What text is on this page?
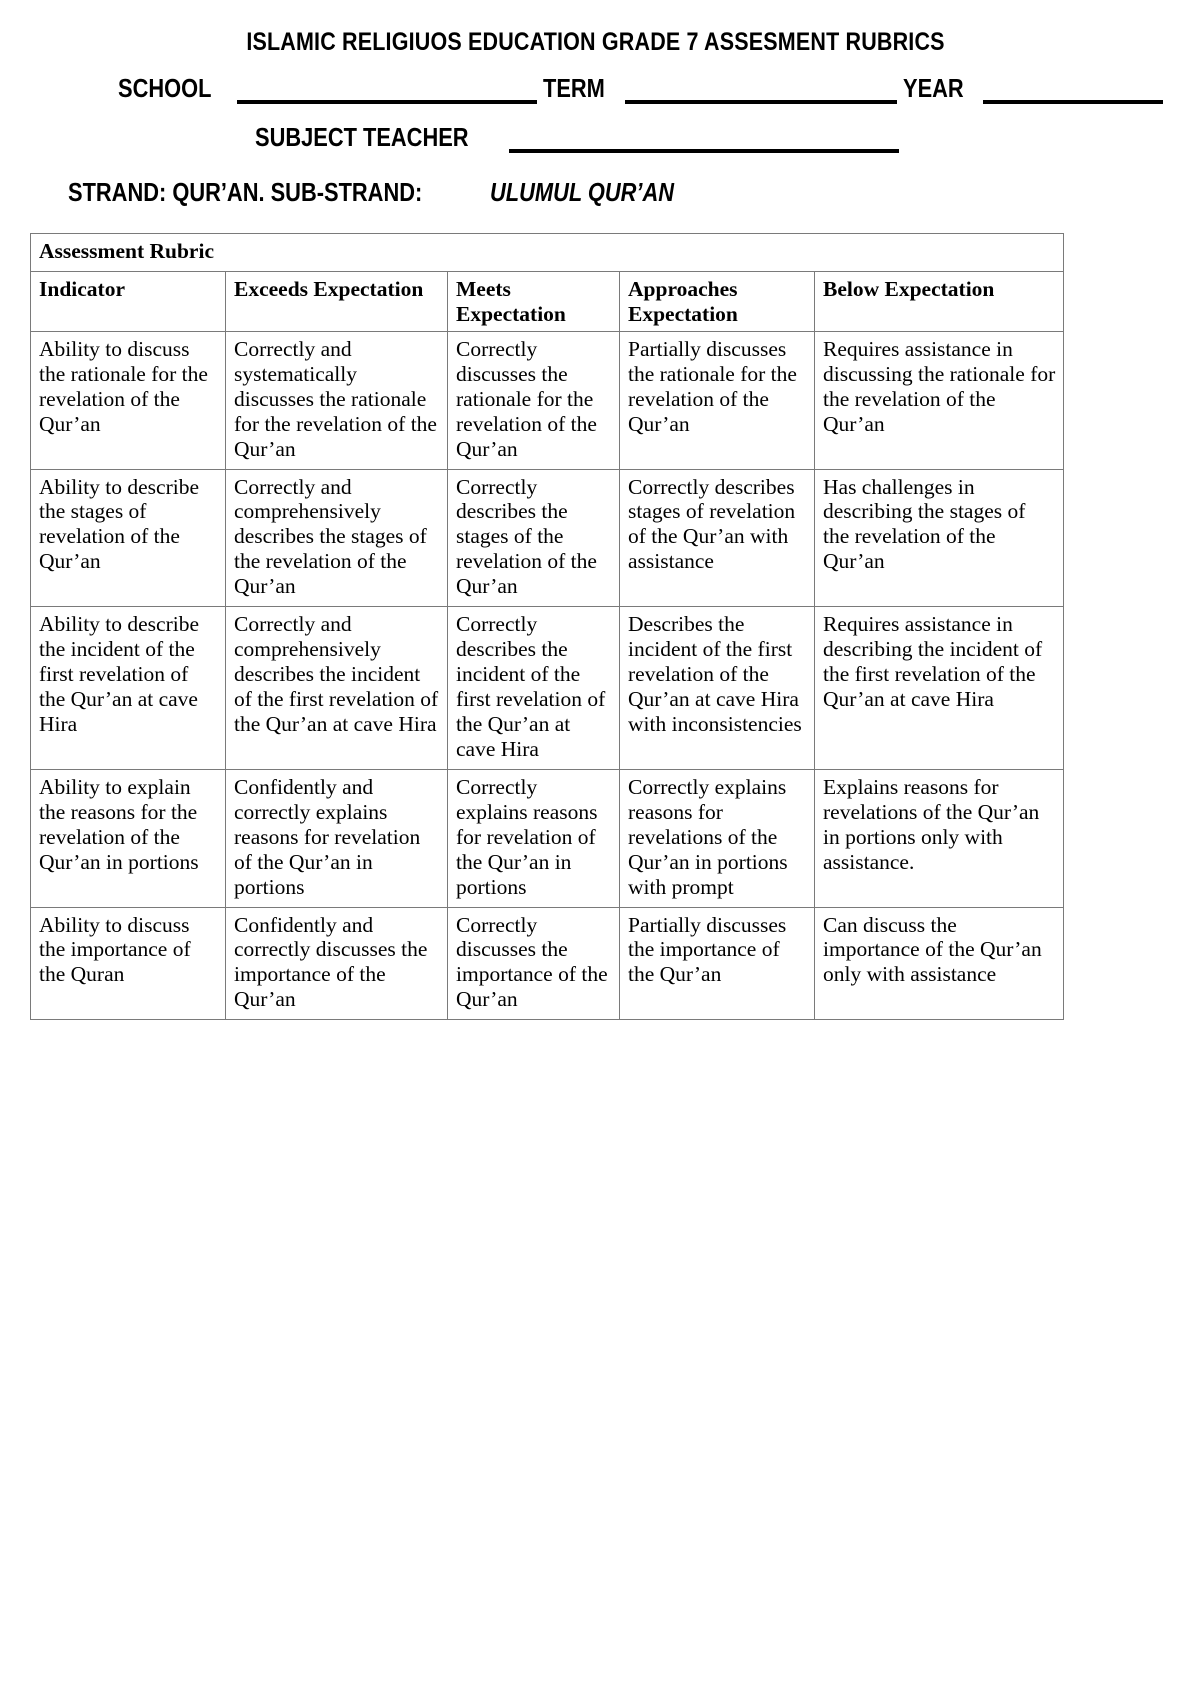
ISLAMIC RELIGIUOS EDUCATION GRADE 7 ASSESMENT RUBRICS
SCHOOL	TERM	YEAR
SUBJECT TEACHER
STRAND: QUR’AN. SUB-STRAND:	ULUMUL QUR’AN
Assessment Rubric				
Indicator	Exceeds Expectation	Meets Expectation	Approaches Expectation	Below Expectation
Ability to discuss the rationale for the revelation of the Qur’an	Correctly and systematically discusses the rationale for the revelation of the Qur’an	Correctly discusses the rationale for the revelation of the Qur’an	Partially discusses the rationale for the revelation of the Qur’an	Requires assistance in discussing the rationale for the revelation of the Qur’an
Ability to describe the stages of revelation of the Qur’an	Correctly and comprehensively describes the stages of the revelation of the Qur’an	Correctly describes the stages of the revelation of the Qur’an	Correctly describes stages of revelation of the Qur’an with assistance	Has challenges in describing the stages of the revelation of the Qur’an
Ability to describe the incident of the first revelation of the Qur’an at cave Hira	Correctly and comprehensively describes the incident of the first revelation of the Qur’an at cave Hira	Correctly describes the incident of the first revelation of the Qur’an at cave Hira	Describes the incident of the first revelation of the Qur’an at cave Hira with inconsistencies	Requires assistance in describing the incident of the first revelation of the Qur’an at cave Hira
Ability to explain the reasons for the revelation of the Qur’an in portions	Confidently and correctly explains reasons for revelation of the Qur’an in portions	Correctly explains reasons for revelation of the Qur’an in portions	Correctly explains reasons for revelations of the Qur’an in portions with prompt	Explains reasons for revelations of the Qur’an in portions only with assistance.
Ability to discuss the importance of the Quran	Confidently and correctly discusses the importance of the Qur’an	Correctly discusses the importance of the Qur’an	Partially discusses the importance of the Qur’an	Can discuss the importance of the Qur’an only with assistance
